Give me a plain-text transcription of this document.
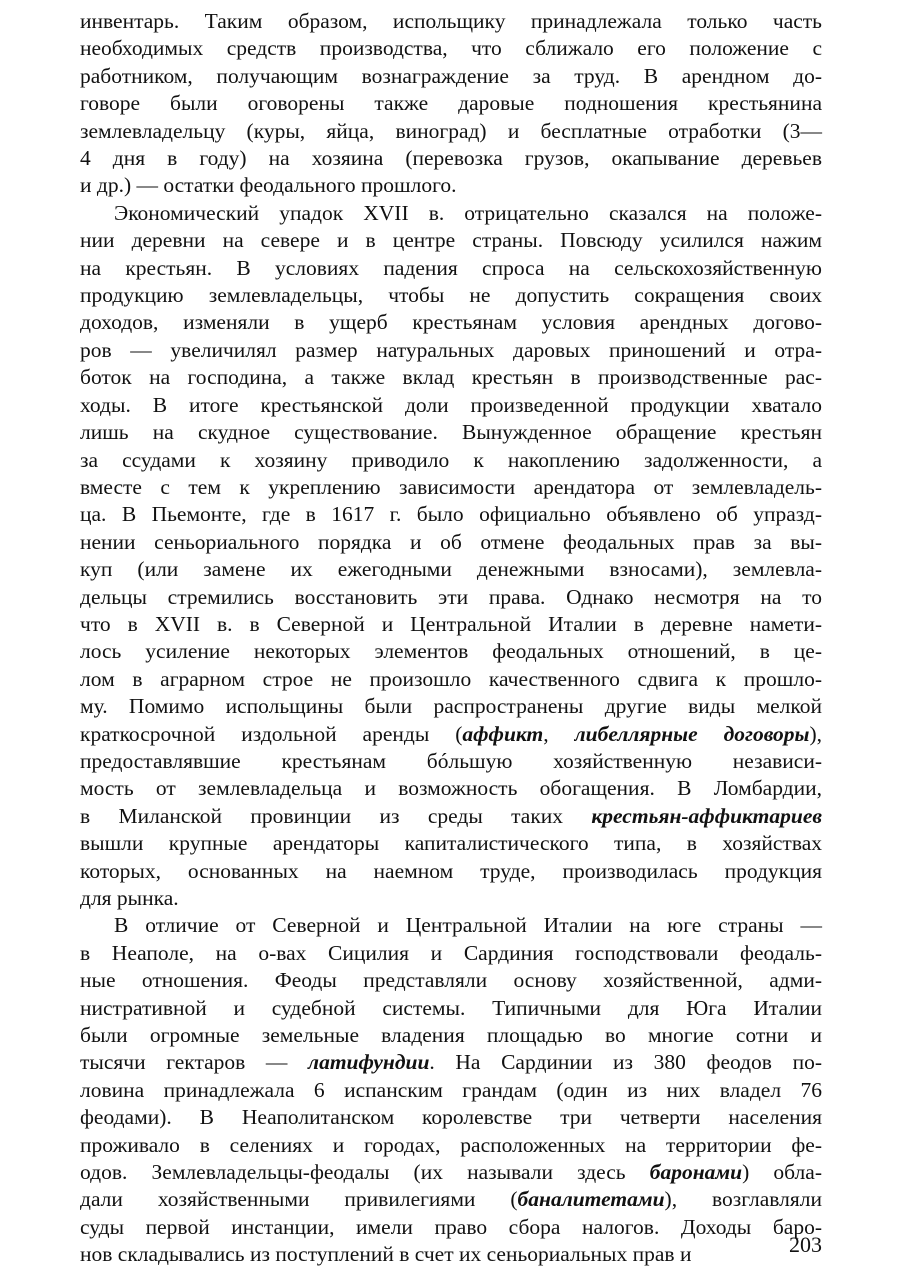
инвентарь. Таким образом, испольщику принадлежала только часть
необходимых средств производства, что сближало его положение с
работником, получающим вознаграждение за труд. В арендном до-
говоре были оговорены также даровые подношения крестьянина
землевладельцу (куры, яйца, виноград) и бесплатные отработки (3—
4 дня в году) на хозяина (перевозка грузов, окапывание деревьев
и др.) — остатки феодального прошлого.

Экономический упадок XVII в. отрицательно сказался на положе-
нии деревни на севере и в центре страны. Повсюду усилился нажим
на крестьян. В условиях падения спроса на сельскохозяйственную
продукцию землевладельцы, чтобы не допустить сокращения своих
доходов, изменяли в ущерб крестьянам условия арендных догово-
ров — увеличилял размер натуральных даровых приношений и отра-
боток на господина, а также вклад крестьян в производственные рас-
ходы. В итоге крестьянской доли произведенной продукции хватало
лишь на скудное существование. Вынужденное обращение крестьян
за ссудами к хозяину приводило к накоплению задолженности, а
вместе с тем к укреплению зависимости арендатора от землевладель-
ца. В Пьемонте, где в 1617 г. было официально объявлено об упразд-
нении сеньориального порядка и об отмене феодальных прав за вы-
куп (или замене их ежегодными денежными взносами), землевла-
дельцы стремились восстановить эти права. Однако несмотря на то
что в XVII в. в Северной и Центральной Италии в деревне намети-
лось усиление некоторых элементов феодальных отношений, в це-
лом в аграрном строе не произошло качественного сдвига к прошло-
му. Помимо испольщины были распространены другие виды мелкой
краткосрочной издольной аренды (аффикт, либеллярные договоры),
предоставлявшие крестьянам бóльшую хозяйственную независи-
мость от землевладельца и возможность обогащения. В Ломбардии,
в Миланской провинции из среды таких крестьян-аффиктариев
вышли крупные арендаторы капиталистического типа, в хозяйствах
которых, основанных на наемном труде, производилась продукция
для рынка.

В отличие от Северной и Центральной Италии на юге страны —
в Неаполе, на о-вах Сицилия и Сардиния господствовали феодаль-
ные отношения. Феоды представляли основу хозяйственной, адми-
нистративной и судебной системы. Типичными для Юга Италии
были огромные земельные владения площадью во многие сотни и
тысячи гектаров — латифундии. На Сардинии из 380 феодов по-
ловина принадлежала 6 испанским грандам (один из них владел 76
феодами). В Неаполитанском королевстве три четверти населения
проживало в селениях и городах, расположенных на территории фе-
одов. Землевладельцы-феодалы (их называли здесь баронами) обла-
дали хозяйственными привилегиями (баналитетами), возглавляли
суды первой инстанции, имели право сбора налогов. Доходы баро-
нов складывались из поступлений в счет их сеньориальных прав и	203
